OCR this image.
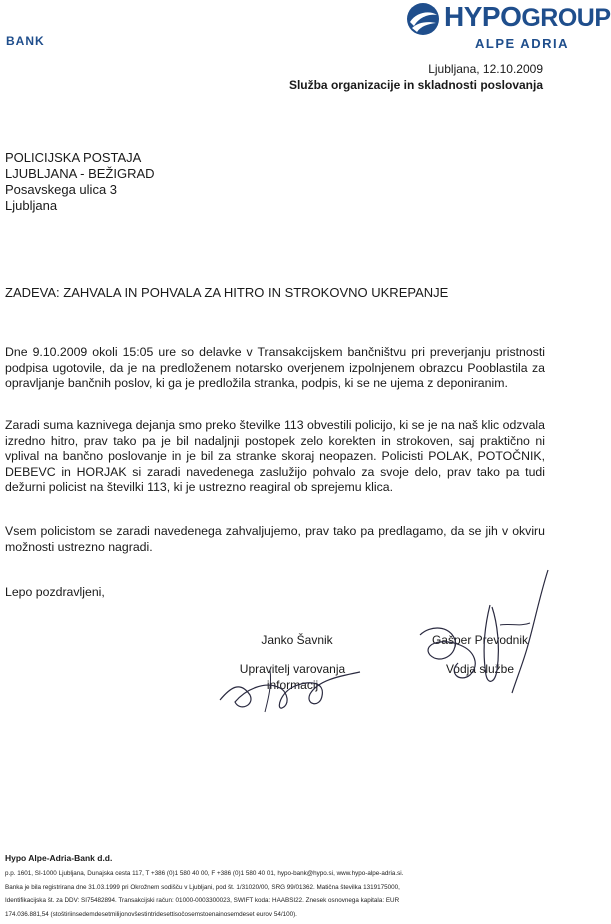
BANK
HYPOGROUP
ALPE ADRIA
Ljubljana, 12.10.2009
Služba organizacije in skladnosti poslovanja
POLICIJSKA POSTAJA
LJUBLJANA - BEŽIGRAD
Posavskega ulica 3
Ljubljana
ZADEVA: ZAHVALA IN POHVALA ZA HITRO IN STROKOVNO UKREPANJE
Dne 9.10.2009 okoli 15:05 ure so delavke v Transakcijskem bančništvu pri preverjanju pristnosti podpisa ugotovile, da je na predloženem notarsko overjenem izpolnjenem obrazcu Pooblastila za opravljanje bančnih poslov, ki ga je predložila stranka, podpis, ki se ne ujema z deponiranim.
Zaradi suma kaznivega dejanja smo preko številke 113 obvestili policijo, ki se je na naš klic odzvala izredno hitro, prav tako pa je bil nadaljnji postopek zelo korekten in strokoven, saj praktično ni vplival na bančno poslovanje in je bil za stranke skoraj neopazen. Policisti POLAK, POTOČNIK, DEBEVC in HORJAK si zaradi navedenega zaslužijo pohvalo za svoje delo, prav tako pa tudi dežurni policist na številki 113, ki je ustrezno reagiral ob sprejemu klica.
Vsem policistom se zaradi navedenega zahvaljujemo, prav tako pa predlagamo, da se jih v okviru možnosti ustrezno nagradi.
Lepo pozdravljeni,
Janko Šavnik
Upravitelj varovanja informacij
Gašper Prevodnik
Vodja službe
Hypo Alpe-Adria-Bank d.d.
p.p. 1601, SI-1000 Ljubljana, Dunajska cesta 117, T +386 (0)1 580 40 00, F +386 (0)1 580 40 01, hypo-bank@hypo.si, www.hypo-alpe-adria.si.
Banka je bila registrirana dne 31.03.1999 pri Okrožnem sodišču v Ljubljani, pod št. 1/31020/00, SRG 99/01362. Matična številka 1319175000,
Identifikacijska št. za DDV: SI75482894. Transakcijski račun: 01000-0003300023, SWIFT koda: HAABSI22. Znesek osnovnega kapitala: EUR
174.036.881,54 (stoštiriinsedemdesetmilijonovšestintridesettisočosemstoenainosemdeset eurov 54/100).
